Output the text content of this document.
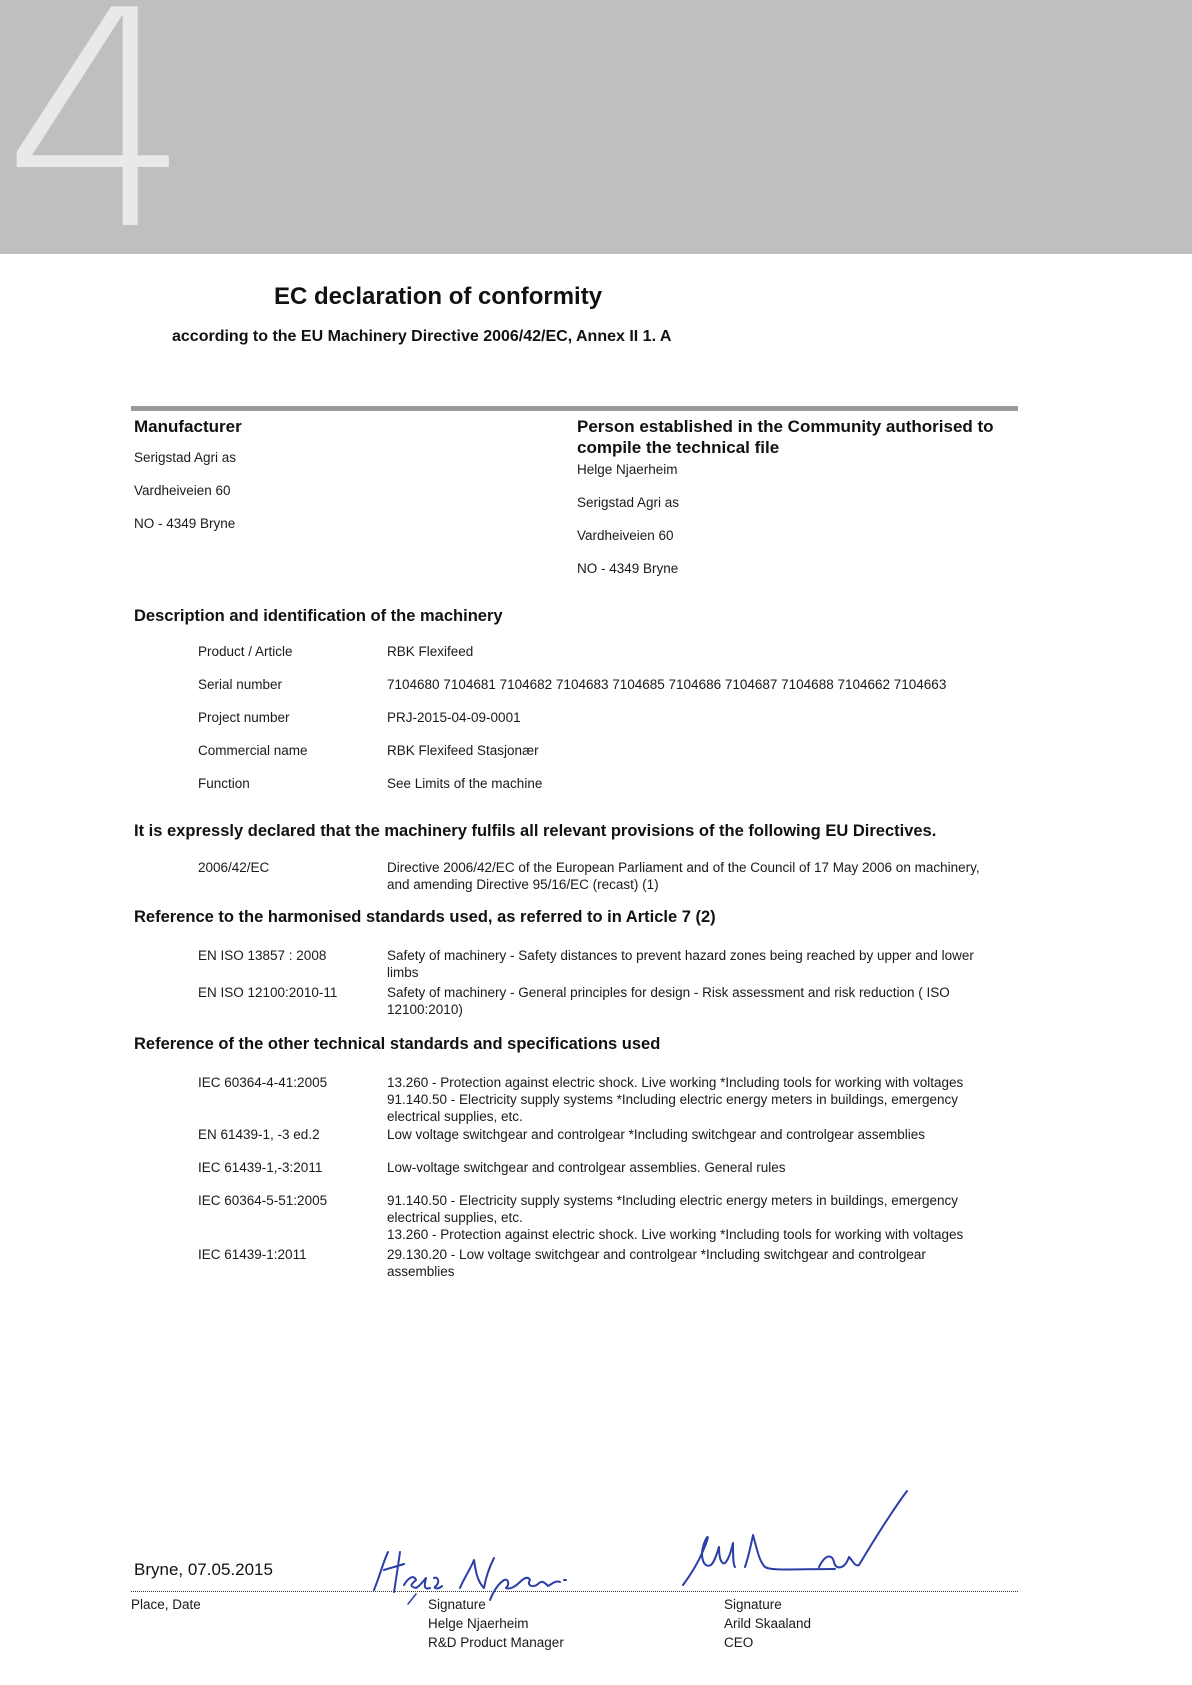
4
EC declaration of conformity
according to the EU Machinery Directive 2006/42/EC, Annex II 1. A
Manufacturer
Serigstad Agri as
Vardheiveien 60
NO - 4349 Bryne
Person established in the Community authorised to
compile the technical file
Helge Njaerheim
Serigstad Agri as
Vardheiveien 60
NO - 4349 Bryne
Description and identification of the machinery
Product / Article	RBK Flexifeed
Serial number	7104680 7104681 7104682 7104683 7104685 7104686 7104687 7104688 7104662 7104663
Project number	PRJ-2015-04-09-0001
Commercial name	RBK Flexifeed Stasjonær
Function	See Limits of the machine
It is expressly declared that the machinery fulfils all relevant provisions of the following EU Directives.
2006/42/EC	Directive 2006/42/EC of the European Parliament and of the Council of 17 May 2006 on machinery,
and amending Directive 95/16/EC (recast) (1)
Reference to the harmonised standards used, as referred to in Article 7 (2)
EN ISO 13857 : 2008	Safety of machinery - Safety distances to prevent hazard zones being reached by upper and lower
limbs
EN ISO 12100:2010-11	Safety of machinery - General principles for design - Risk assessment and risk reduction ( ISO
12100:2010)
Reference of the other technical standards and specifications used
IEC 60364-4-41:2005	13.260 - Protection against electric shock. Live working *Including tools for working with voltages
91.140.50 - Electricity supply systems *Including electric energy meters in buildings, emergency
electrical supplies, etc.
EN 61439-1, -3 ed.2	Low voltage switchgear and controlgear *Including switchgear and controlgear assemblies
IEC 61439-1,-3:2011	Low-voltage switchgear and controlgear assemblies. General rules
IEC 60364-5-51:2005	91.140.50 - Electricity supply systems *Including electric energy meters in buildings, emergency
electrical supplies, etc.
13.260 - Protection against electric shock. Live working *Including tools for working with voltages
IEC 61439-1:2011	29.130.20 - Low voltage switchgear and controlgear *Including switchgear and controlgear
assemblies
Bryne, 07.05.2015
Place, Date	Signature
Helge Njaerheim
R&D Product Manager
Signature
Arild Skaaland
CEO
